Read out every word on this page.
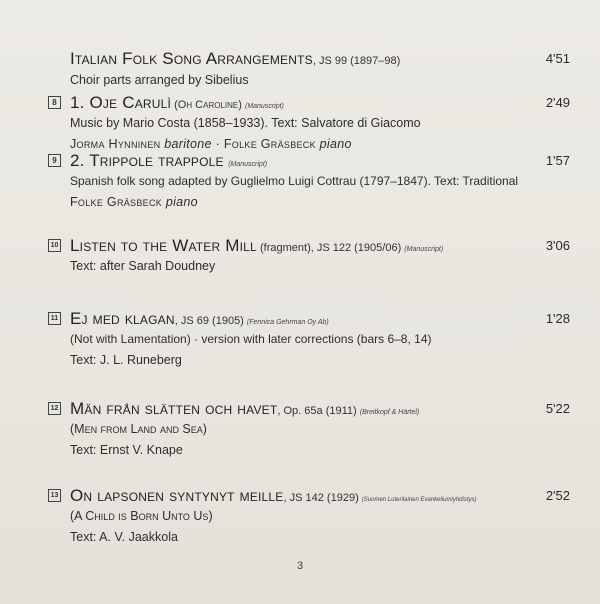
Italian Folk Song Arrangements, JS 99 (1897–98)	4'51
Choir parts arranged by Sibelius
8 1. Oje Carulì (Oh Caroline) (Manuscript)	2'49
Music by Mario Costa (1858–1933). Text: Salvatore di Giacomo
Jorma Hynninen baritone · Folke Gräsbeck piano
9 2. Trippole trappole (Manuscript)	1'57
Spanish folk song adapted by Guglielmo Luigi Cottrau (1797–1847). Text: Traditional
Folke Gräsbeck piano
10 Listen to the Water Mill (fragment), JS 122 (1905/06) (Manuscript)	3'06
Text: after Sarah Doudney
11 Ej med klagan, JS 69 (1905) (Fennica Gehrman Oy Ab)	1'28
(Not with Lamentation) · version with later corrections (bars 6–8, 14)
Text: J. L. Runeberg
12 Män från slätten och havet, Op. 65a (1911) (Breitkopf & Härtel)	5'22
(Men from Land and Sea)
Text: Ernst V. Knape
13 On lapsonen syntynyt meille, JS 142 (1929) (Suomen Luterilainen Evankeliumiyhdistys)	2'52
(A Child is Born Unto Us)
Text: A. V. Jaakkola
3
